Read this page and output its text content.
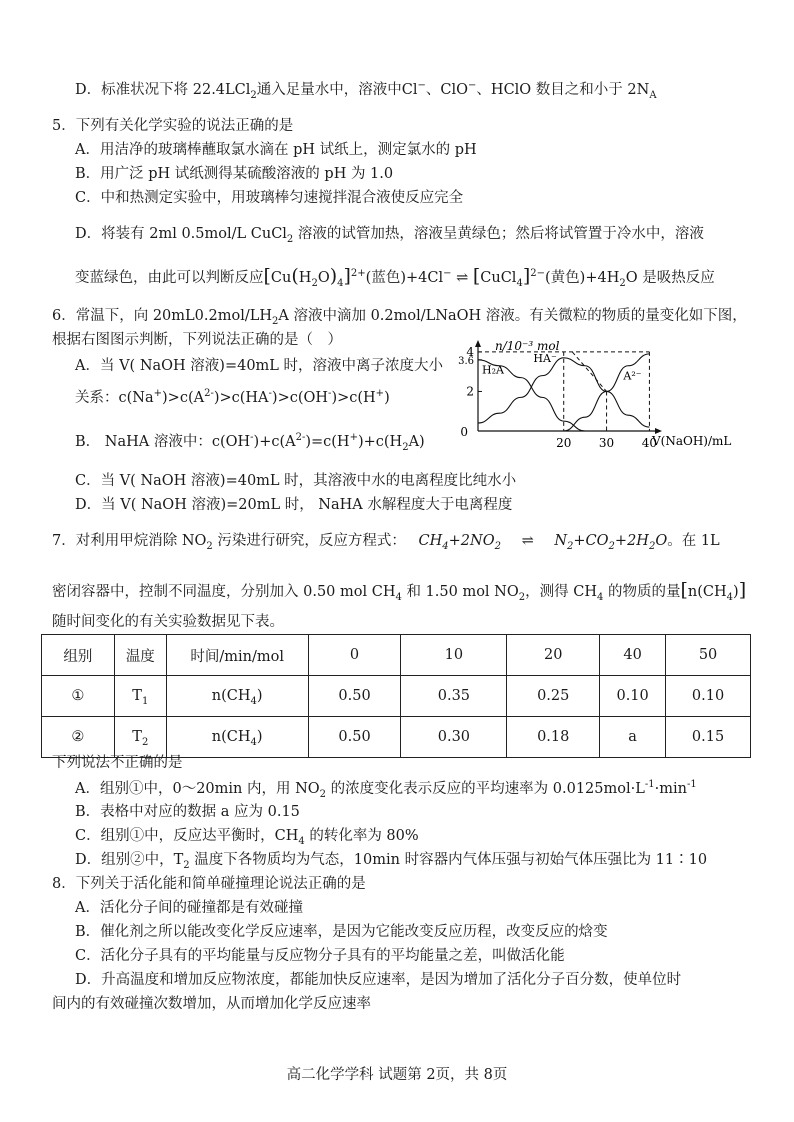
D．标准状况下将 22.4LCl$_2$通入足量水中，溶液中Cl−、ClO−、HClO 数目之和小于 $2N_A$
5．下列有关化学实验的说法正确的是
A．用洁净的玻璃棒蘸取氯水滴在 pH 试纸上，测定氯水的 pH
B．用广泛 pH 试纸测得某硫酸溶液的 pH 为 1.0
C．中和热测定实验中，用玻璃棒匀速搅拌混合液使反应完全
D．将装有 2ml 0.5mol/L CuCl$_2$ 溶液的试管加热，溶液呈黄绿色；然后将试管置于冷水中，溶液
变蓝绿色，由此可以判断反应$[Cu(H_2O)_4]^{2+}$(蓝色)+4Cl− ⇌ [CuCl$_4$]$^{2-}$(黄色)$+4H_2O$ 是吸热反应
6．常温下，向 $20mL0.2mol/LH_2A$ 溶液中滴加 0.2mol/LNaOH 溶液。有关微粒的物质的量变化如下图，
根据右图图示判断，下列说法正确的是（　）
A．当 V( NaOH 溶液)=40mL 时，溶液中离子浓度大小
关系：$c(Na^+)>c(A^{2-})>c(HA^-)>c(OH^-)>c(H^+)$
B． NaHA 溶液中：$c(OH^-)+c(A^{2-})=c(H^+)+c(H_2A)$
C．当 V( NaOH 溶液)=40mL 时，其溶液中水的电离程度比纯水小
D．当 V( NaOH 溶液)=20mL 时， NaHA 水解程度大于电离程度
n/10⁻³ mol
V(NaOH)/mL
0
2
3.6
4
20 30 40
H₂A
HA⁻
A²⁻
7．对利用甲烷消除 $NO_2$ 污染进行研究，反应方程式： $CH_4+2NO_2$ ⇌ $N_2+CO_2+2H_2O$。在 1L
密闭容器中，控制不同温度，分别加入 0.50 mol $CH_4$ 和 1.50 mol $NO_2$，测得 $CH_4$ 的物质的量$[n(CH_4)]$
随时间变化的有关实验数据见下表。
组别	温度	时间/min/mol	0	10	20	40	50
①	$T_1$	$n(CH_4)$	0.50	0.35	0.25	0.10	0.10
②	$T_2$	$n(CH_4)$	0.50	0.30	0.18	a	0.15
下列说法不正确的是
A．组别①中，0～20min 内，用 $NO_2$ 的浓度变化表示反应的平均速率为 $0.0125mol\cdot L^{-1}\cdot\min^{-1}$
B．表格中对应的数据 a 应为 0.15
C．组别①中，反应达平衡时，$CH_4$ 的转化率为 80%
D．组别②中，$T_2$ 温度下各物质均为气态，10min 时容器内气体压强与初始气体压强比为 11∶10
8．下列关于活化能和简单碰撞理论说法正确的是
A．活化分子间的碰撞都是有效碰撞
B．催化剂之所以能改变化学反应速率，是因为它能改变反应历程，改变反应的焓变
C．活化分子具有的平均能量与反应物分子具有的平均能量之差，叫做活化能
D．升高温度和增加反应物浓度，都能加快反应速率，是因为增加了活化分子百分数，使单位时
间内的有效碰撞次数增加，从而增加化学反应速率
高二化学学科 试题第 2页，共 8页
